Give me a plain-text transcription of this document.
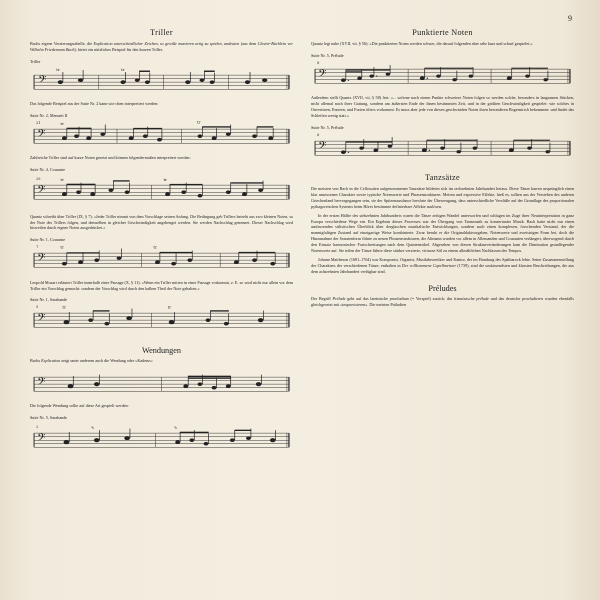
9
Triller

Bachs eigene Verzierungstabelle, die Explication unterschiedlicher Zeichen, so gewiße manieren artig zu spielen, andeuten (aus dem Clavier-Büchlein vor Wilhelm Friedemann Bach), bietet ein nützliches Beispiel für den kurzen Triller.

Triller
𝄢
tr	tr

Das folgende Beispiel aus der Suite Nr. 2 kann wie oben interpretiert werden:

Suite Nr. 2, Menuett II
𝄢
21	tr	tr

Zahlreiche Triller sind auf kurze Noten gesetzt und können folgendermaßen interpretiert werden:

Suite Nr. 4, Courante
𝄢
29	tr	tr

Quantz schreibt über Triller (IX, § 7): »Jeder Triller nimmt von dem Vorschlage seinen Anfang. Die Bedingung geb Trillers betreht aus zwo kleinen Noten, so der Note des Trillers folgen, und demselben in gleicher Geschwindigkeit angehenget werden. Sie werden Nachschlag genennet. Dieser Nachschlag wird bisweilen durch eigene Noten ausgedrücket.«

Suite Nr. 1, Courante
𝄢
7	tr	tr

Leopold Mozart erläutert Triller innerhalb einer Passage (X, § 11): »Wenn ein Triller mitten in einer Passage vorkommt, z. E. so wird nicht nur allein vor dem Triller ein Vorschlag gemacht: sondern der Vorschlag wird durch den halben Theil der Note gehalten.«

Suite Nr. 1, Sarabande
𝄢
5	tr	tr
Wendungen

Bachs Explication zeigt unter anderem auch die Wendung oder »Kadenz«:

𝄢

Die folgende Wendung sollte auf diese Art gespielt werden:

Suite Nr. 5, Sarabande
𝄢
2	∿	∿
Punktierte Noten

Quantz legt nahe (XVII, vii, § 56): »Die punktierten Noten werden schwer, die darauf folgenden aber sehr kurz und scharf gespielet.«

Suite Nr. 5, Prélude
𝄢
8

Außerdem stellt Quantz (XVII, vii, § 58) fest: »... soferne nach einem Punkte schweiere Noten folgen so werden solche, besonders in langsamen Stücken, nicht allemal nach ihrer Gattung, sondern am äußersten Ende der ihnen bestimmten Zeit, und in der größten Geschwindigkeit gespielet: wie solches in Ouvertüren, Entreen, und Furien öfters vorkommt. Es muss aber jede von diesen geschwinden Noten ihren besonderen Bogenstrich bekommen: und findet das Schleifen wenig statt.«

Suite Nr. 5, Prélude
𝄢
6
Tanzsätze

Die meisten von Bach in die Cellosuiten aufgenommenen Tanzsätze bildeten sich im sechzehnten Jahrhundert heraus. Diese Tänze harren ursprünglich einen klar umrissenen Charakter sowie typische Notenwerte und Phrasenstrukturen. Metren und expressive Effekte, hieß es, sollten aus der Verstehen des anderen Griechenland bervorgegangen sein, sie der Spitzenausdance brechrte der Überzeugung, dass unterschiedliche Versfüße auf der Grundlage des proportionalen pythagoreischen Systems beim Hörer bestimmte definierbare Affekte auslösen.

In der ersten Hälfte des siebzehnten Jahrhunderts waren die Tänze zeitigen Wandel unterworfen und schlugen im Zuge ihrer Neuinterpretation in ganz Europa verschiedene Wege ein. Ein Ergebnis dieses Prozesses war der Übergang von Tanzmusik zu konzertanter Musik. Bach hatte nicht nur einen umfassenden stilistischen Überblick über derglaschen musikalische Entwicklungen, sondern auch einen komplexen, forschenden Verstand, der die mannigfaltigen Zustand auf einzigartige Weise kombinierte. Zwar beruht er die Originaldaktvorgaben, Notenwerte und zweistrigen Form bei, doch die Hinzunahme der Sonatenform führte zu neuen Phrasenstrukturen, die Altmann wurden vor allem in Allemanden und Couranten verlängert, überwogend durch den Einsatz harmonischer Fortschreitungen nach dem Quintenzirkel. Abgesehen von diesen Strukturveränderungen kam die Diminution grundlegender Notenwerte auf. Sie teilen der Tänze führte diese stärker verzierte, virtuose Stil zu einem allmählichen Nachlassen des Tempos.

Johann Mattheson (1681–1764) war Komponist, Organist, Musiktheoretiker und Kantor, der im Hamburg des Spätbarock lebte. Seine Zusammenstellung der Charakters der verschiedenen Tänze, enthalten in Der vollkommene Capellmeister (1739), sind die umfassendsten und klarsten Beschreibungen, die aus dem achtzehnten Jahrhundert verfügbar sind.

Préludes

Der Begriff Prélude geht auf das lateinische praeludium (= Vorspiel) zurück; das französische prélude und das deutsche praeludieren wurden ebenfalls gleichgesetzt mit »improvisieren«. Die meisten Präludien
